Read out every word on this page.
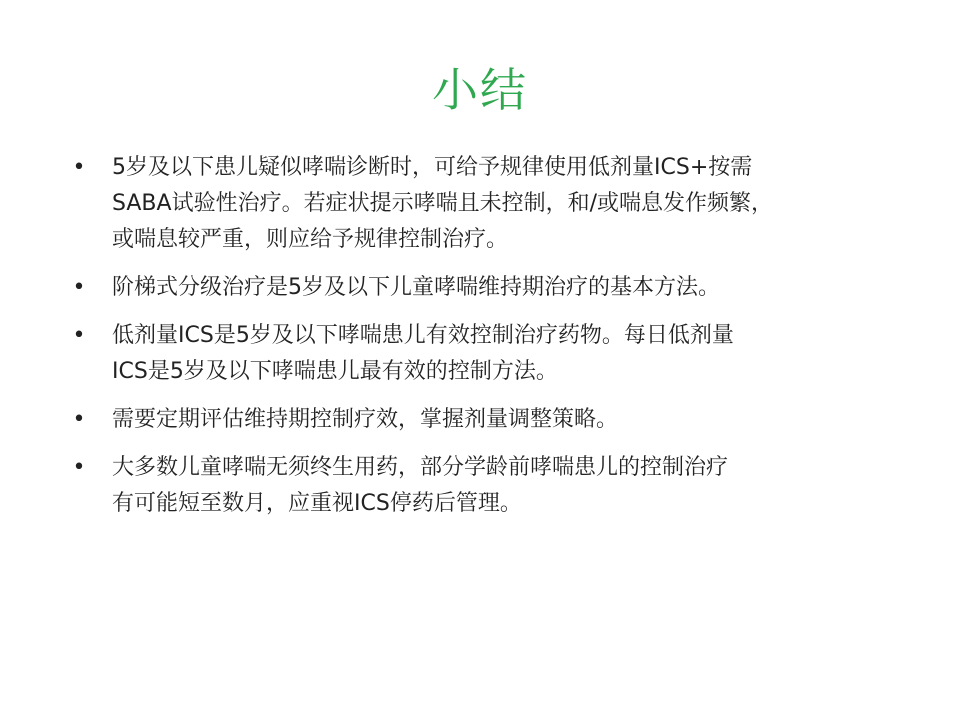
小结
• 5岁及以下患儿疑似哮喘诊断时，可给予规律使用低剂量ICS+按需
SABA试验性治疗。若症状提示哮喘且未控制，和/或喘息发作频繁，
或喘息较严重，则应给予规律控制治疗。
• 阶梯式分级治疗是5岁及以下儿童哮喘维持期治疗的基本方法。
• 低剂量ICS是5岁及以下哮喘患儿有效控制治疗药物。每日低剂量
ICS是5岁及以下哮喘患儿最有效的控制方法。
• 需要定期评估维持期控制疗效，掌握剂量调整策略。
• 大多数儿童哮喘无须终生用药，部分学龄前哮喘患儿的控制治疗
有可能短至数月，应重视ICS停药后管理。
